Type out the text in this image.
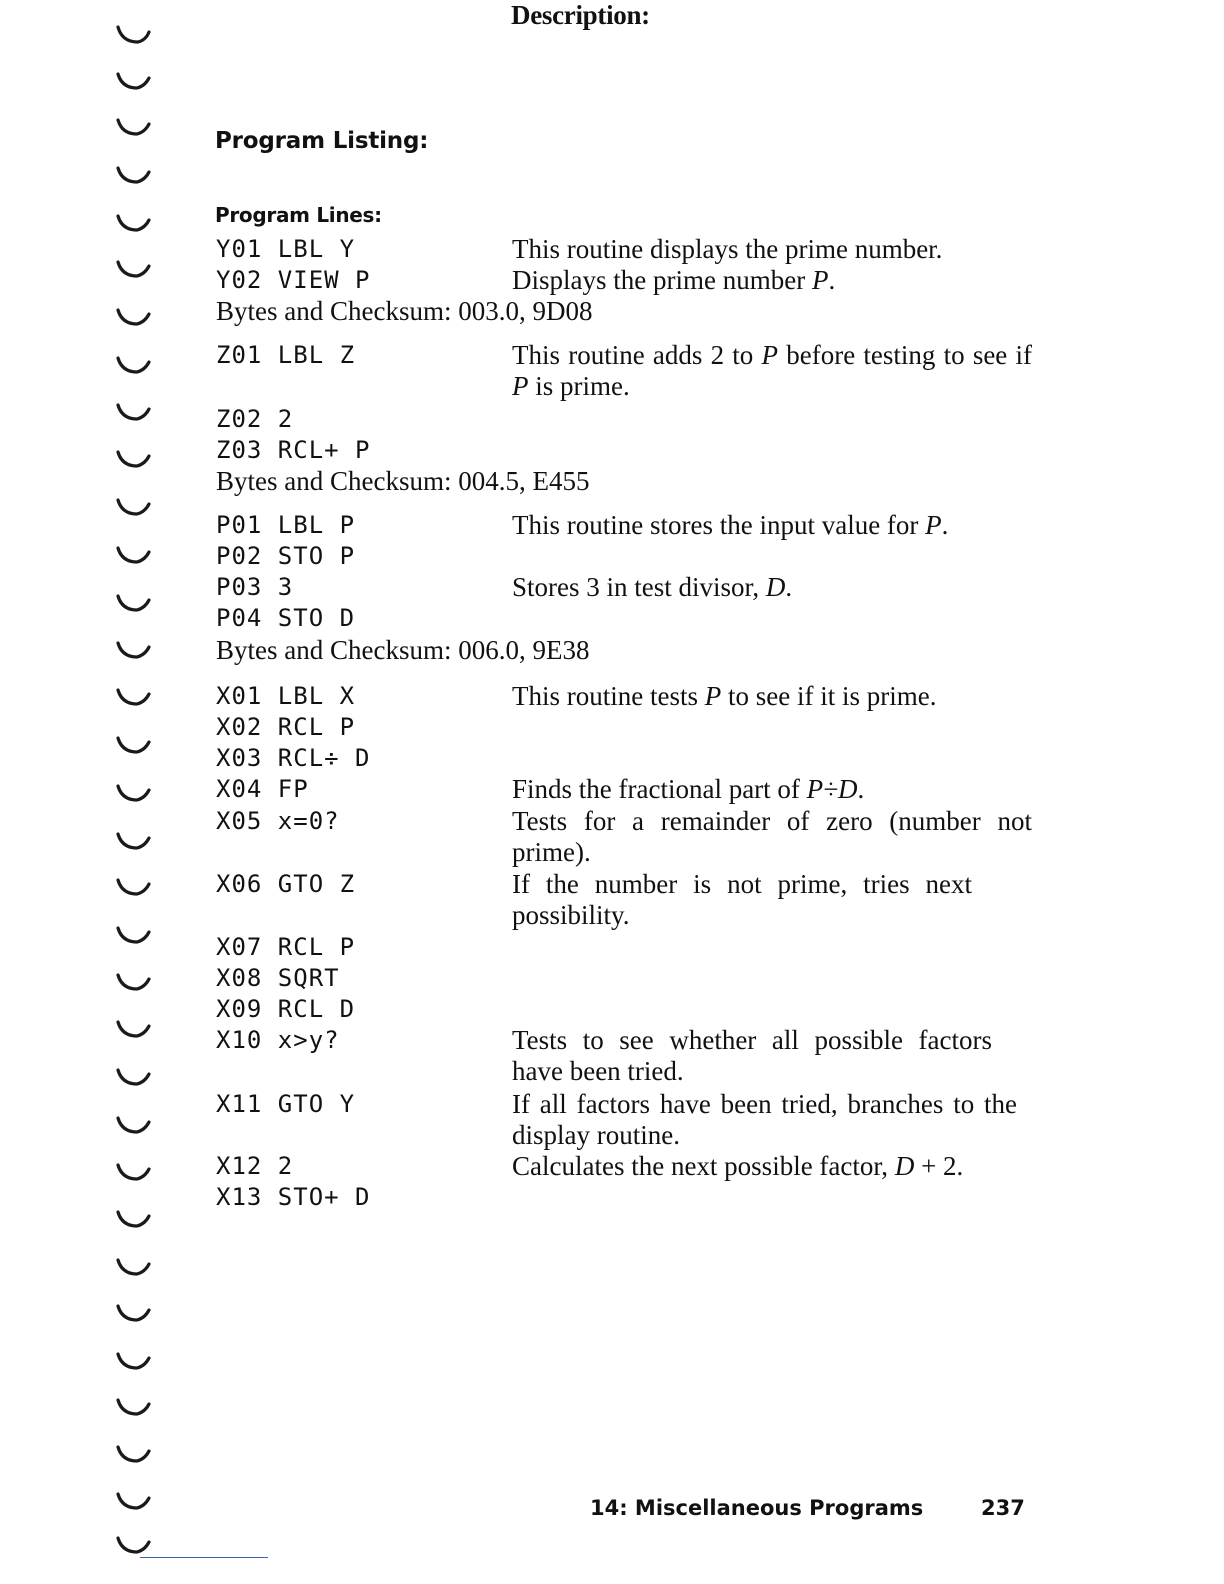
Program Listing:
Program Lines:
Description:
Y01 LBL Y	This routine displays the prime number.
Y02 VIEW P	Displays the prime number P.
Bytes and Checksum: 003.0, 9D08
Z01 LBL Z	This routine adds 2 to P before testing to see if P is prime.
Z02 2
Z03 RCL+ P
Bytes and Checksum: 004.5, E455
P01 LBL P	This routine stores the input value for P.
P02 STO P
P03 3	Stores 3 in test divisor, D.
P04 STO D
Bytes and Checksum: 006.0, 9E38
X01 LBL X	This routine tests P to see if it is prime.
X02 RCL P
X03 RCL÷ D
X04 FP	Finds the fractional part of P÷D.
X05 x=0?	Tests for a remainder of zero (number not prime).
X06 GTO Z	If the number is not prime, tries next possibility.
X07 RCL P
X08 SQRT
X09 RCL D
X10 x>y?	Tests to see whether all possible factors have been tried.
X11 GTO Y	If all factors have been tried, branches to the display routine.
X12 2	Calculates the next possible factor, D + 2.
X13 STO+ D
14: Miscellaneous Programs	237
